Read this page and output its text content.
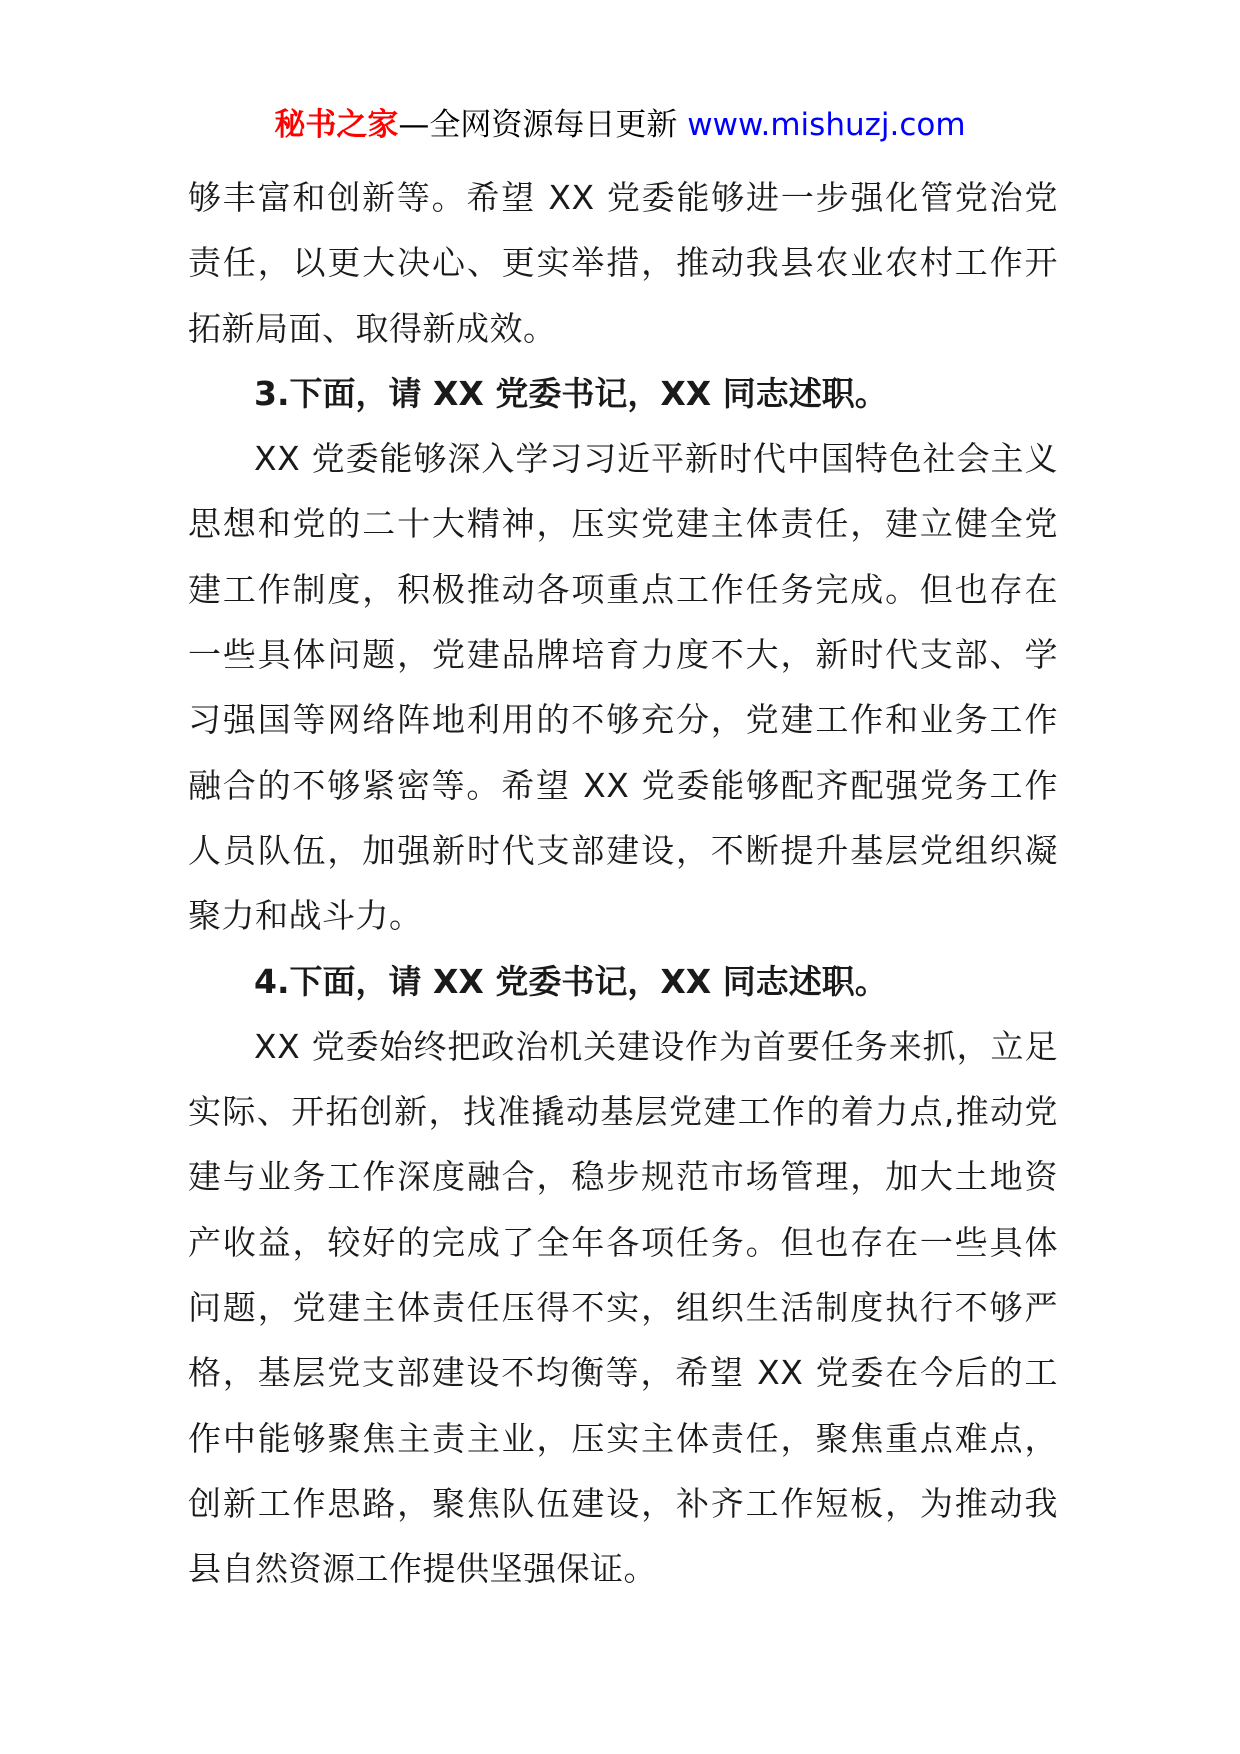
秘书之家—全网资源每日更新 www.mishuzj.com

够丰富和创新等。希望 XX 党委能够进一步强化管党治党责任，以更大决心、更实举措，推动我县农业农村工作开拓新局面、取得新成效。

3.下面，请 XX 党委书记，XX 同志述职。

XX 党委能够深入学习习近平新时代中国特色社会主义思想和党的二十大精神，压实党建主体责任，建立健全党建工作制度，积极推动各项重点工作任务完成。但也存在一些具体问题，党建品牌培育力度不大，新时代支部、学习强国等网络阵地利用的不够充分，党建工作和业务工作融合的不够紧密等。希望 XX 党委能够配齐配强党务工作人员队伍，加强新时代支部建设，不断提升基层党组织凝聚力和战斗力。

4.下面，请 XX 党委书记，XX 同志述职。

XX 党委始终把政治机关建设作为首要任务来抓，立足实际、开拓创新，找准撬动基层党建工作的着力点,推动党建与业务工作深度融合，稳步规范市场管理，加大土地资产收益，较好的完成了全年各项任务。但也存在一些具体问题，党建主体责任压得不实，组织生活制度执行不够严格，基层党支部建设不均衡等，希望 XX 党委在今后的工作中能够聚焦主责主业，压实主体责任，聚焦重点难点，创新工作思路，聚焦队伍建设，补齐工作短板，为推动我县自然资源工作提供坚强保证。
